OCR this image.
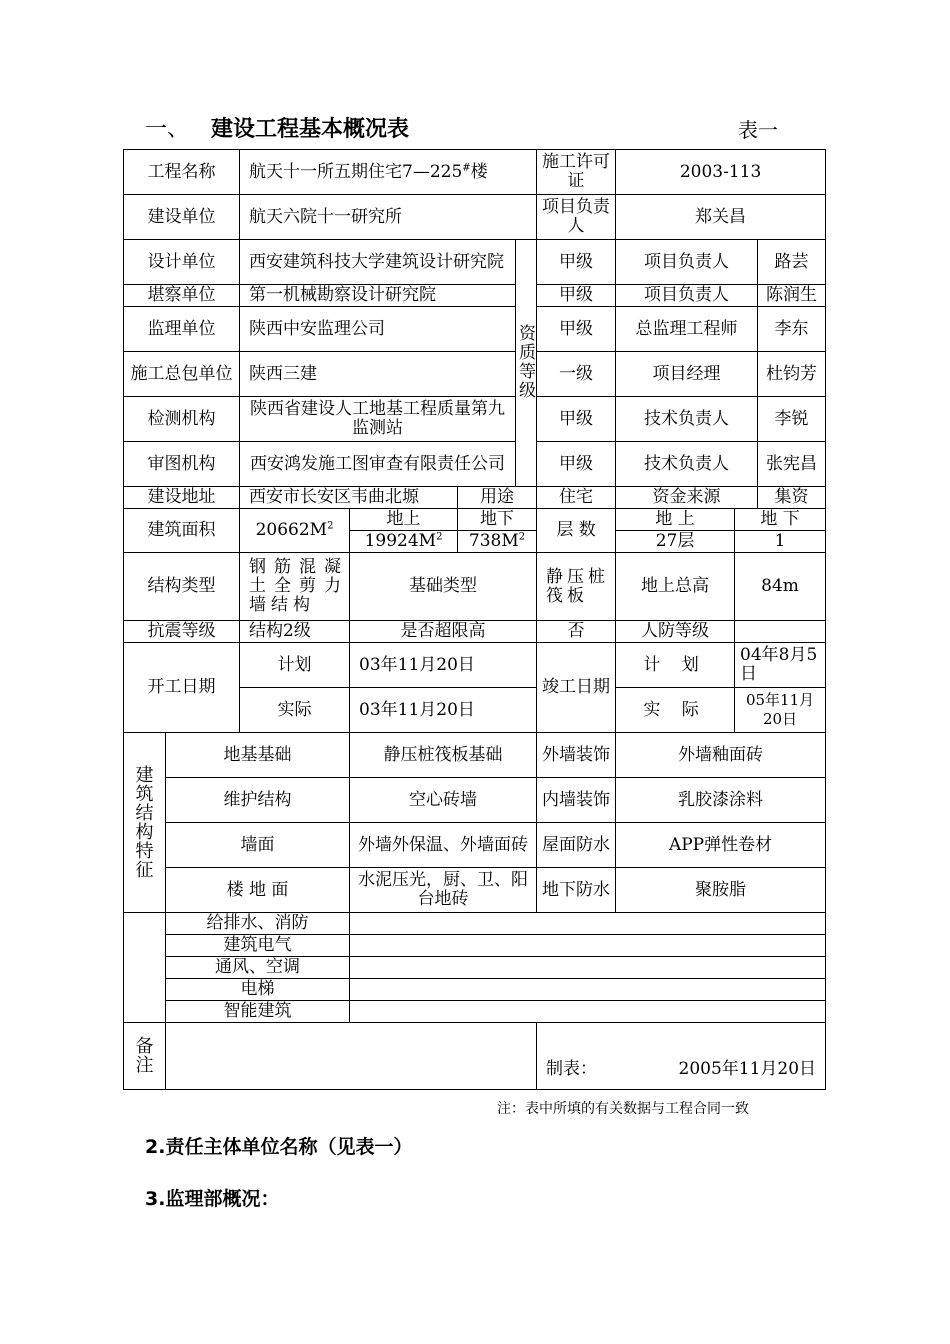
一、 建设工程基本概况表	表一
工程名称		航天十一所五期住宅7—225#楼				施工许可证	2003-113		
建设单位		航天六院十一研究所				项目负责人	郑关昌		
设计单位		西安建筑科技大学建筑设计研究院			资质等级	甲级	项目负责人		路芸
堪察单位		第一机械勘察设计研究院				甲级	项目负责人		陈润生
监理单位		陕西中安监理公司				甲级	总监理工程师		李东
施工总包单位		陕西三建				一级	项目经理		杜钧芳
检测机构		陕西省建设人工地基工程质量第九监测站				甲级	技术负责人		李锐
审图机构		西安鸿发施工图审查有限责任公司				甲级	技术负责人		张宪昌
建设地址		西安市长安区韦曲北塬		用途		住宅	资金来源		集资
建筑面积		$20662M^2$	地上	地下		层 数	地 上	地 下	
			$19924M^2$	$738M^2$			27层	1	
结构类型		钢筋混凝土全剪力墙结构	基础类型			静压桩筏板	地上总高	84m	
抗震等级		结构2级	是否超限高			否	人防等级		
开工日期		计划	03年11月20日			竣工日期	计 划	04年8月5日	
		实际	03年11月20日				实 际	05年11月20日	
建筑结构特征	地基基础		静压桩筏板基础			外墙装饰	外墙釉面砖		
	维护结构		空心砖墙			内墙装饰	乳胶漆涂料		
	墙面		外墙外保温、外墙面砖			屋面防水	APP弹性卷材		
	楼 地 面		水泥压光，厨、卫、阳台地砖			地下防水	聚胺脂		
	给排水、消防								
	建筑电气								
	通风、空调								
	电梯								
	智能建筑								
备注						制表： 2005年11月20日			
注：表中所填的有关数据与工程合同一致
2.责任主体单位名称（见表一）
3.监理部概况：
